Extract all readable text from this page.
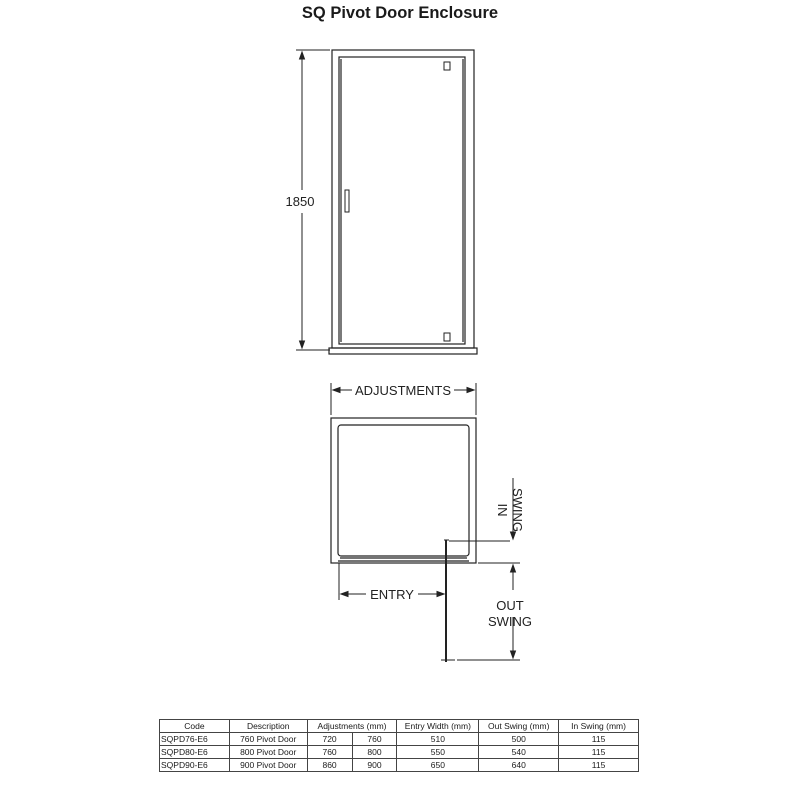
SQ Pivot Door Enclosure
1850
ADJUSTMENTS
ENTRY
IN SWING
OUT
SWING
Code	Description	Adjustments (mm)		Entry Width (mm)	Out Swing (mm)	In Swing (mm)
SQPD76-E6	760 Pivot Door	720	760	510	500	115
SQPD80-E6	800 Pivot Door	760	800	550	540	115
SQPD90-E6	900 Pivot Door	860	900	650	640	115
